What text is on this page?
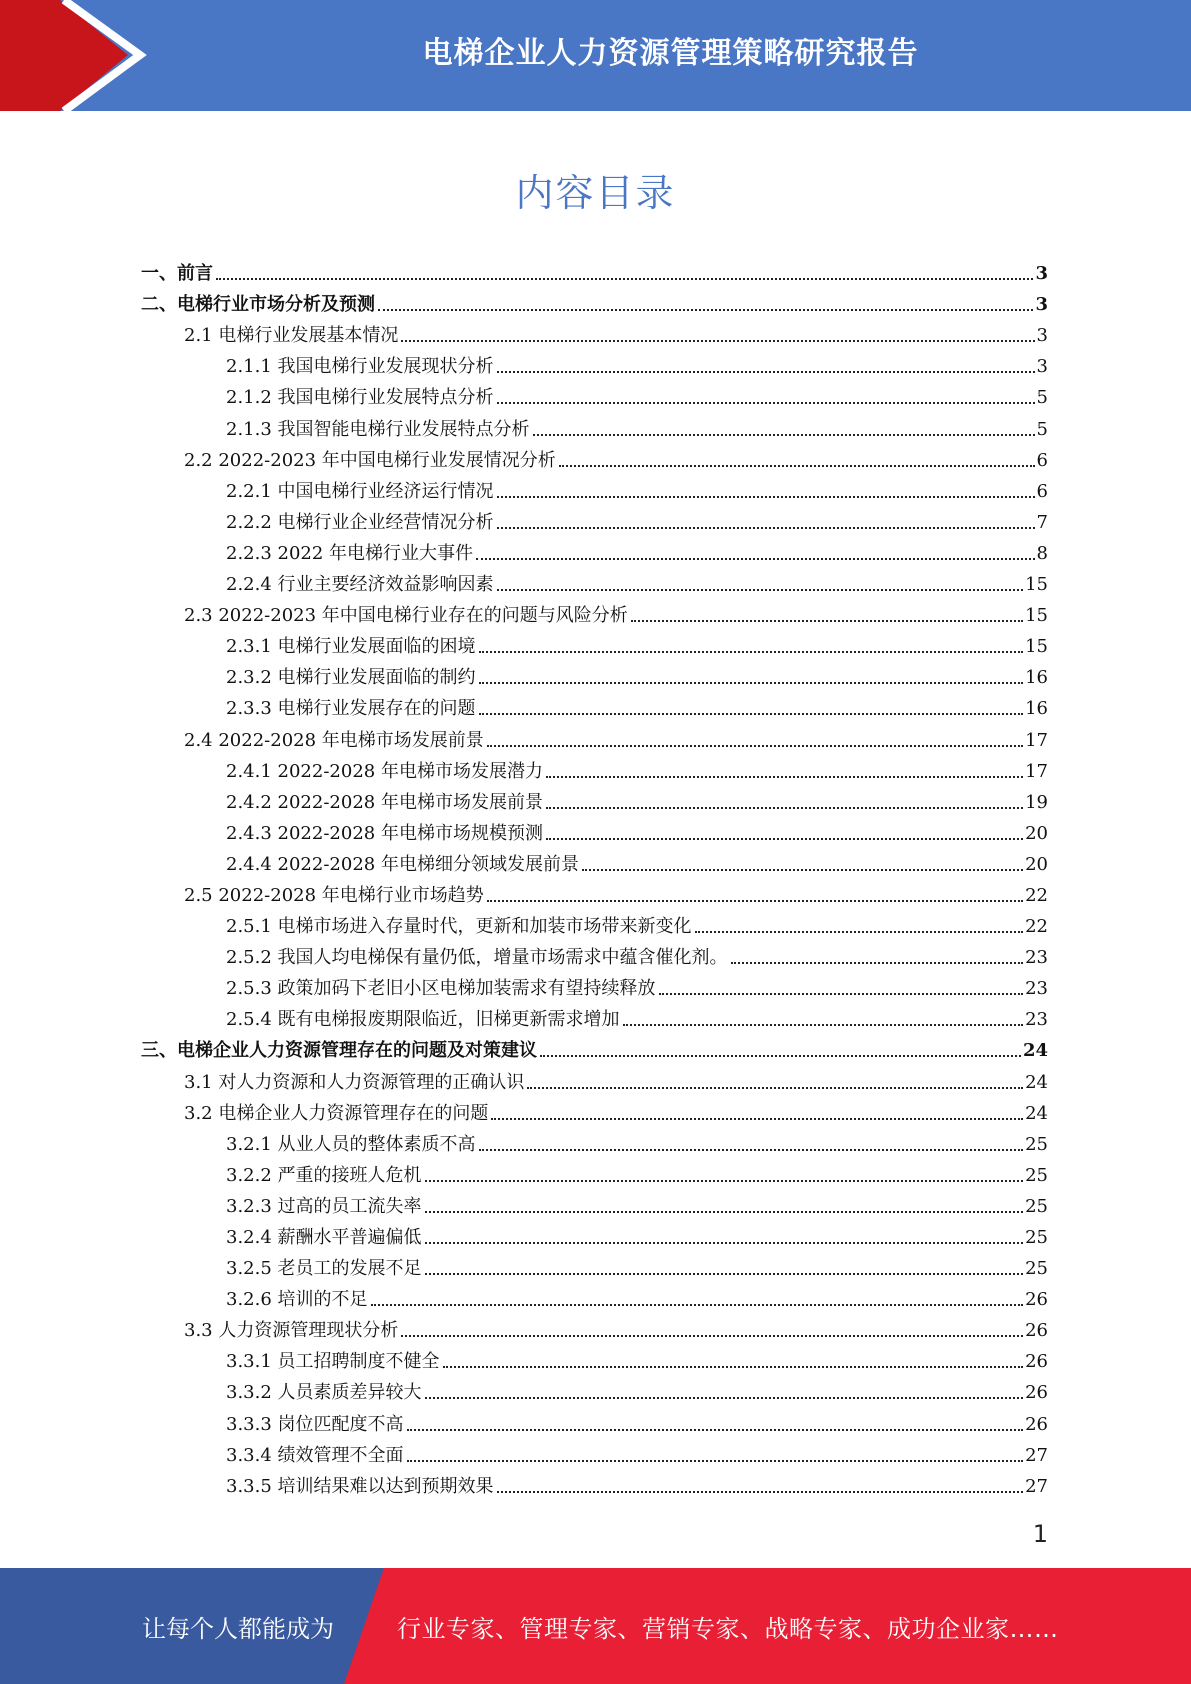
电梯企业人力资源管理策略研究报告
内容目录
一、前言	3
二、电梯行业市场分析及预测	3
2.1 电梯行业发展基本情况	3
2.1.1 我国电梯行业发展现状分析	3
2.1.2 我国电梯行业发展特点分析	5
2.1.3 我国智能电梯行业发展特点分析	5
2.2 2022-2023 年中国电梯行业发展情况分析	6
2.2.1 中国电梯行业经济运行情况	6
2.2.2 电梯行业企业经营情况分析	7
2.2.3 2022 年电梯行业大事件	8
2.2.4 行业主要经济效益影响因素	15
2.3 2022-2023 年中国电梯行业存在的问题与风险分析	15
2.3.1 电梯行业发展面临的困境	15
2.3.2 电梯行业发展面临的制约	16
2.3.3 电梯行业发展存在的问题	16
2.4 2022-2028 年电梯市场发展前景	17
2.4.1 2022-2028 年电梯市场发展潜力	17
2.4.2 2022-2028 年电梯市场发展前景	19
2.4.3 2022-2028 年电梯市场规模预测	20
2.4.4 2022-2028 年电梯细分领域发展前景	20
2.5 2022-2028 年电梯行业市场趋势	22
2.5.1 电梯市场进入存量时代，更新和加装市场带来新变化	22
2.5.2 我国人均电梯保有量仍低，增量市场需求中蕴含催化剂。	23
2.5.3 政策加码下老旧小区电梯加装需求有望持续释放	23
2.5.4 既有电梯报废期限临近，旧梯更新需求增加	23
三、电梯企业人力资源管理存在的问题及对策建议	24
3.1 对人力资源和人力资源管理的正确认识	24
3.2 电梯企业人力资源管理存在的问题	24
3.2.1 从业人员的整体素质不高	25
3.2.2 严重的接班人危机	25
3.2.3 过高的员工流失率	25
3.2.4 薪酬水平普遍偏低	25
3.2.5 老员工的发展不足	25
3.2.6 培训的不足	26
3.3 人力资源管理现状分析	26
3.3.1 员工招聘制度不健全	26
3.3.2 人员素质差异较大	26
3.3.3 岗位匹配度不高	26
3.3.4 绩效管理不全面	27
3.3.5 培训结果难以达到预期效果	27
1
让每个人都能成为	行业专家、管理专家、营销专家、战略专家、成功企业家……
